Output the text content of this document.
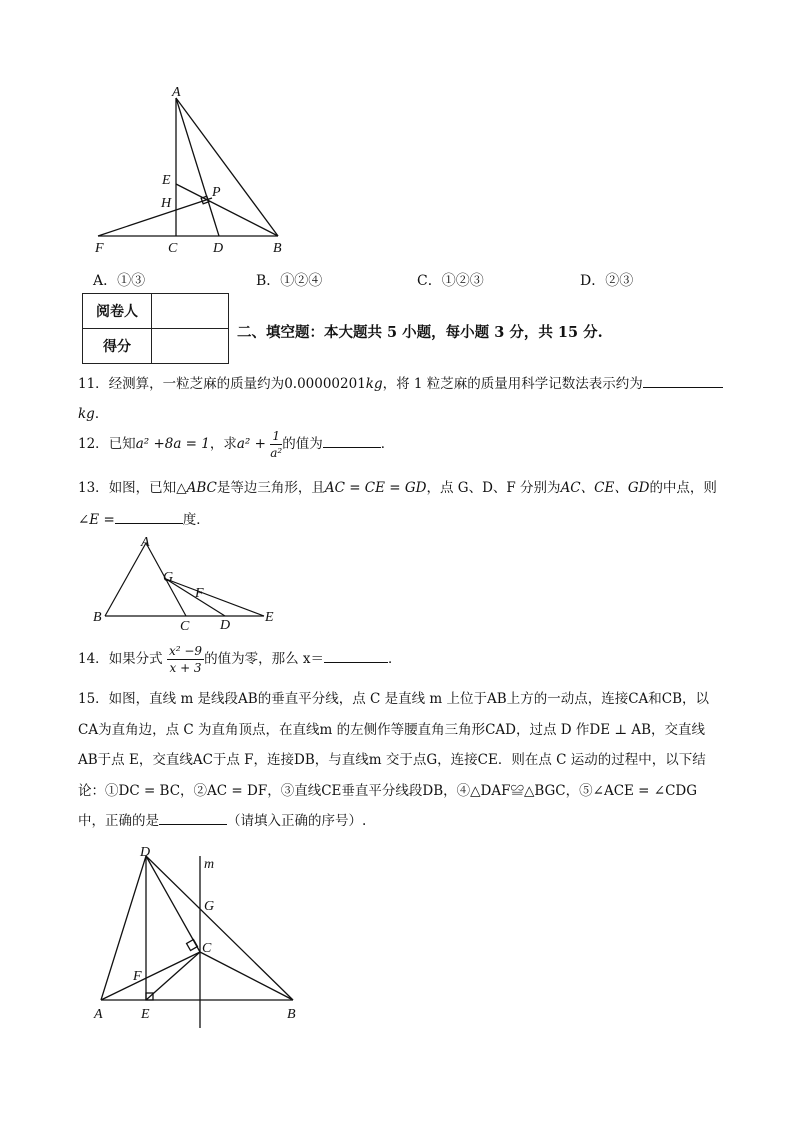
A
E
H
P
F	C	D	B
A．①③	B．①②④	C．①②③	D．②③
阅卷人	
得分	
二、填空题：本大题共 5 小题，每小题 3 分，共 15 分.
11．经测算，一粒芝麻的质量约为0.00000201kg，将 1 粒芝麻的质量用科学记数法表示约为
kg．
12．已知a² +8a = 1，求$a^2 + \frac{1}{\text{a²}}$ 的值为	．
13．如图，已知△ABC是等边三角形，且AC = CE = GD，点 G、D、F 分别为AC、CE、GD的中点，则
∠E =	度．
A
G
F
B
C D
E
14．如果分式 $\frac{\text{x² −9}}{x + 3}$ 的值为零，那么 x＝	．
15．如图，直线 m 是线段AB的垂直平分线，点 C 是直线 m 上位于AB上方的一动点，连接CA和CB，以
CA为直角边，点 C 为直角顶点，在直线m 的左侧作等腰直角三角形CAD，过点 D 作DE ⊥ AB，交直线
AB于点 E，交直线AC于点 F，连接DB，与直线m 交于点G，连接CE．则在点 C 运动的过程中，以下结
论：①DC = BC，②AC = DF，③直线CE垂直平分线段DB，④△DAF≌△BGC，⑤∠ACE = ∠CDG
中，正确的是	（请填入正确的序号）.
D
m
G
C
F
A	E	B
